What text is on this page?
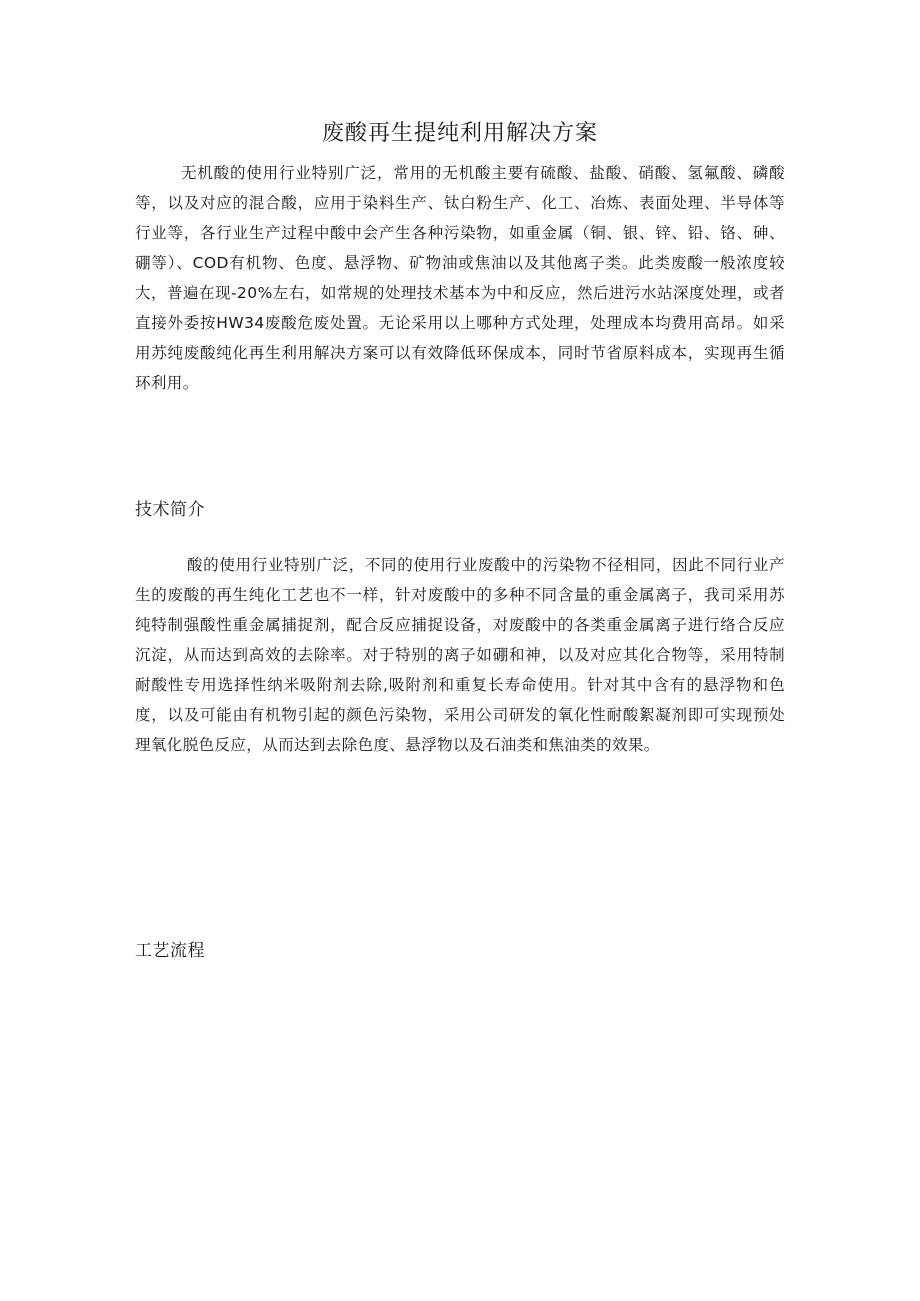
废酸再生提纯利用解决方案

无机酸的使用行业特别广泛，常用的无机酸主要有硫酸、盐酸、硝酸、氢氟酸、磷酸等，以及对应的混合酸，应用于染料生产、钛白粉生产、化工、冶炼、表面处理、半导体等行业等，各行业生产过程中酸中会产生各种污染物，如重金属（铜、银、锌、铅、铬、砷、硼等）、COD有机物、色度、悬浮物、矿物油或焦油以及其他离子类。此类废酸一般浓度较大，普遍在现-20%左右，如常规的处理技术基本为中和反应，然后进污水站深度处理，或者直接外委按HW34废酸危废处置。无论采用以上哪种方式处理，处理成本均费用高昂。如采用苏纯废酸纯化再生利用解决方案可以有效降低环保成本，同时节省原料成本，实现再生循环利用。

技术简介

酸的使用行业特别广泛，不同的使用行业废酸中的污染物不径相同，因此不同行业产生的废酸的再生纯化工艺也不一样，针对废酸中的多种不同含量的重金属离子，我司采用苏纯特制强酸性重金属捕捉剂，配合反应捕捉设备，对废酸中的各类重金属离子进行络合反应沉淀，从而达到高效的去除率。对于特别的离子如硼和神，以及对应其化合物等，采用特制耐酸性专用选择性纳米吸附剂去除,吸附剂和重复长寿命使用。针对其中含有的悬浮物和色度，以及可能由有机物引起的颜色污染物，采用公司研发的氧化性耐酸絮凝剂即可实现预处理氧化脱色反应，从而达到去除色度、悬浮物以及石油类和焦油类的效果。

工艺流程
